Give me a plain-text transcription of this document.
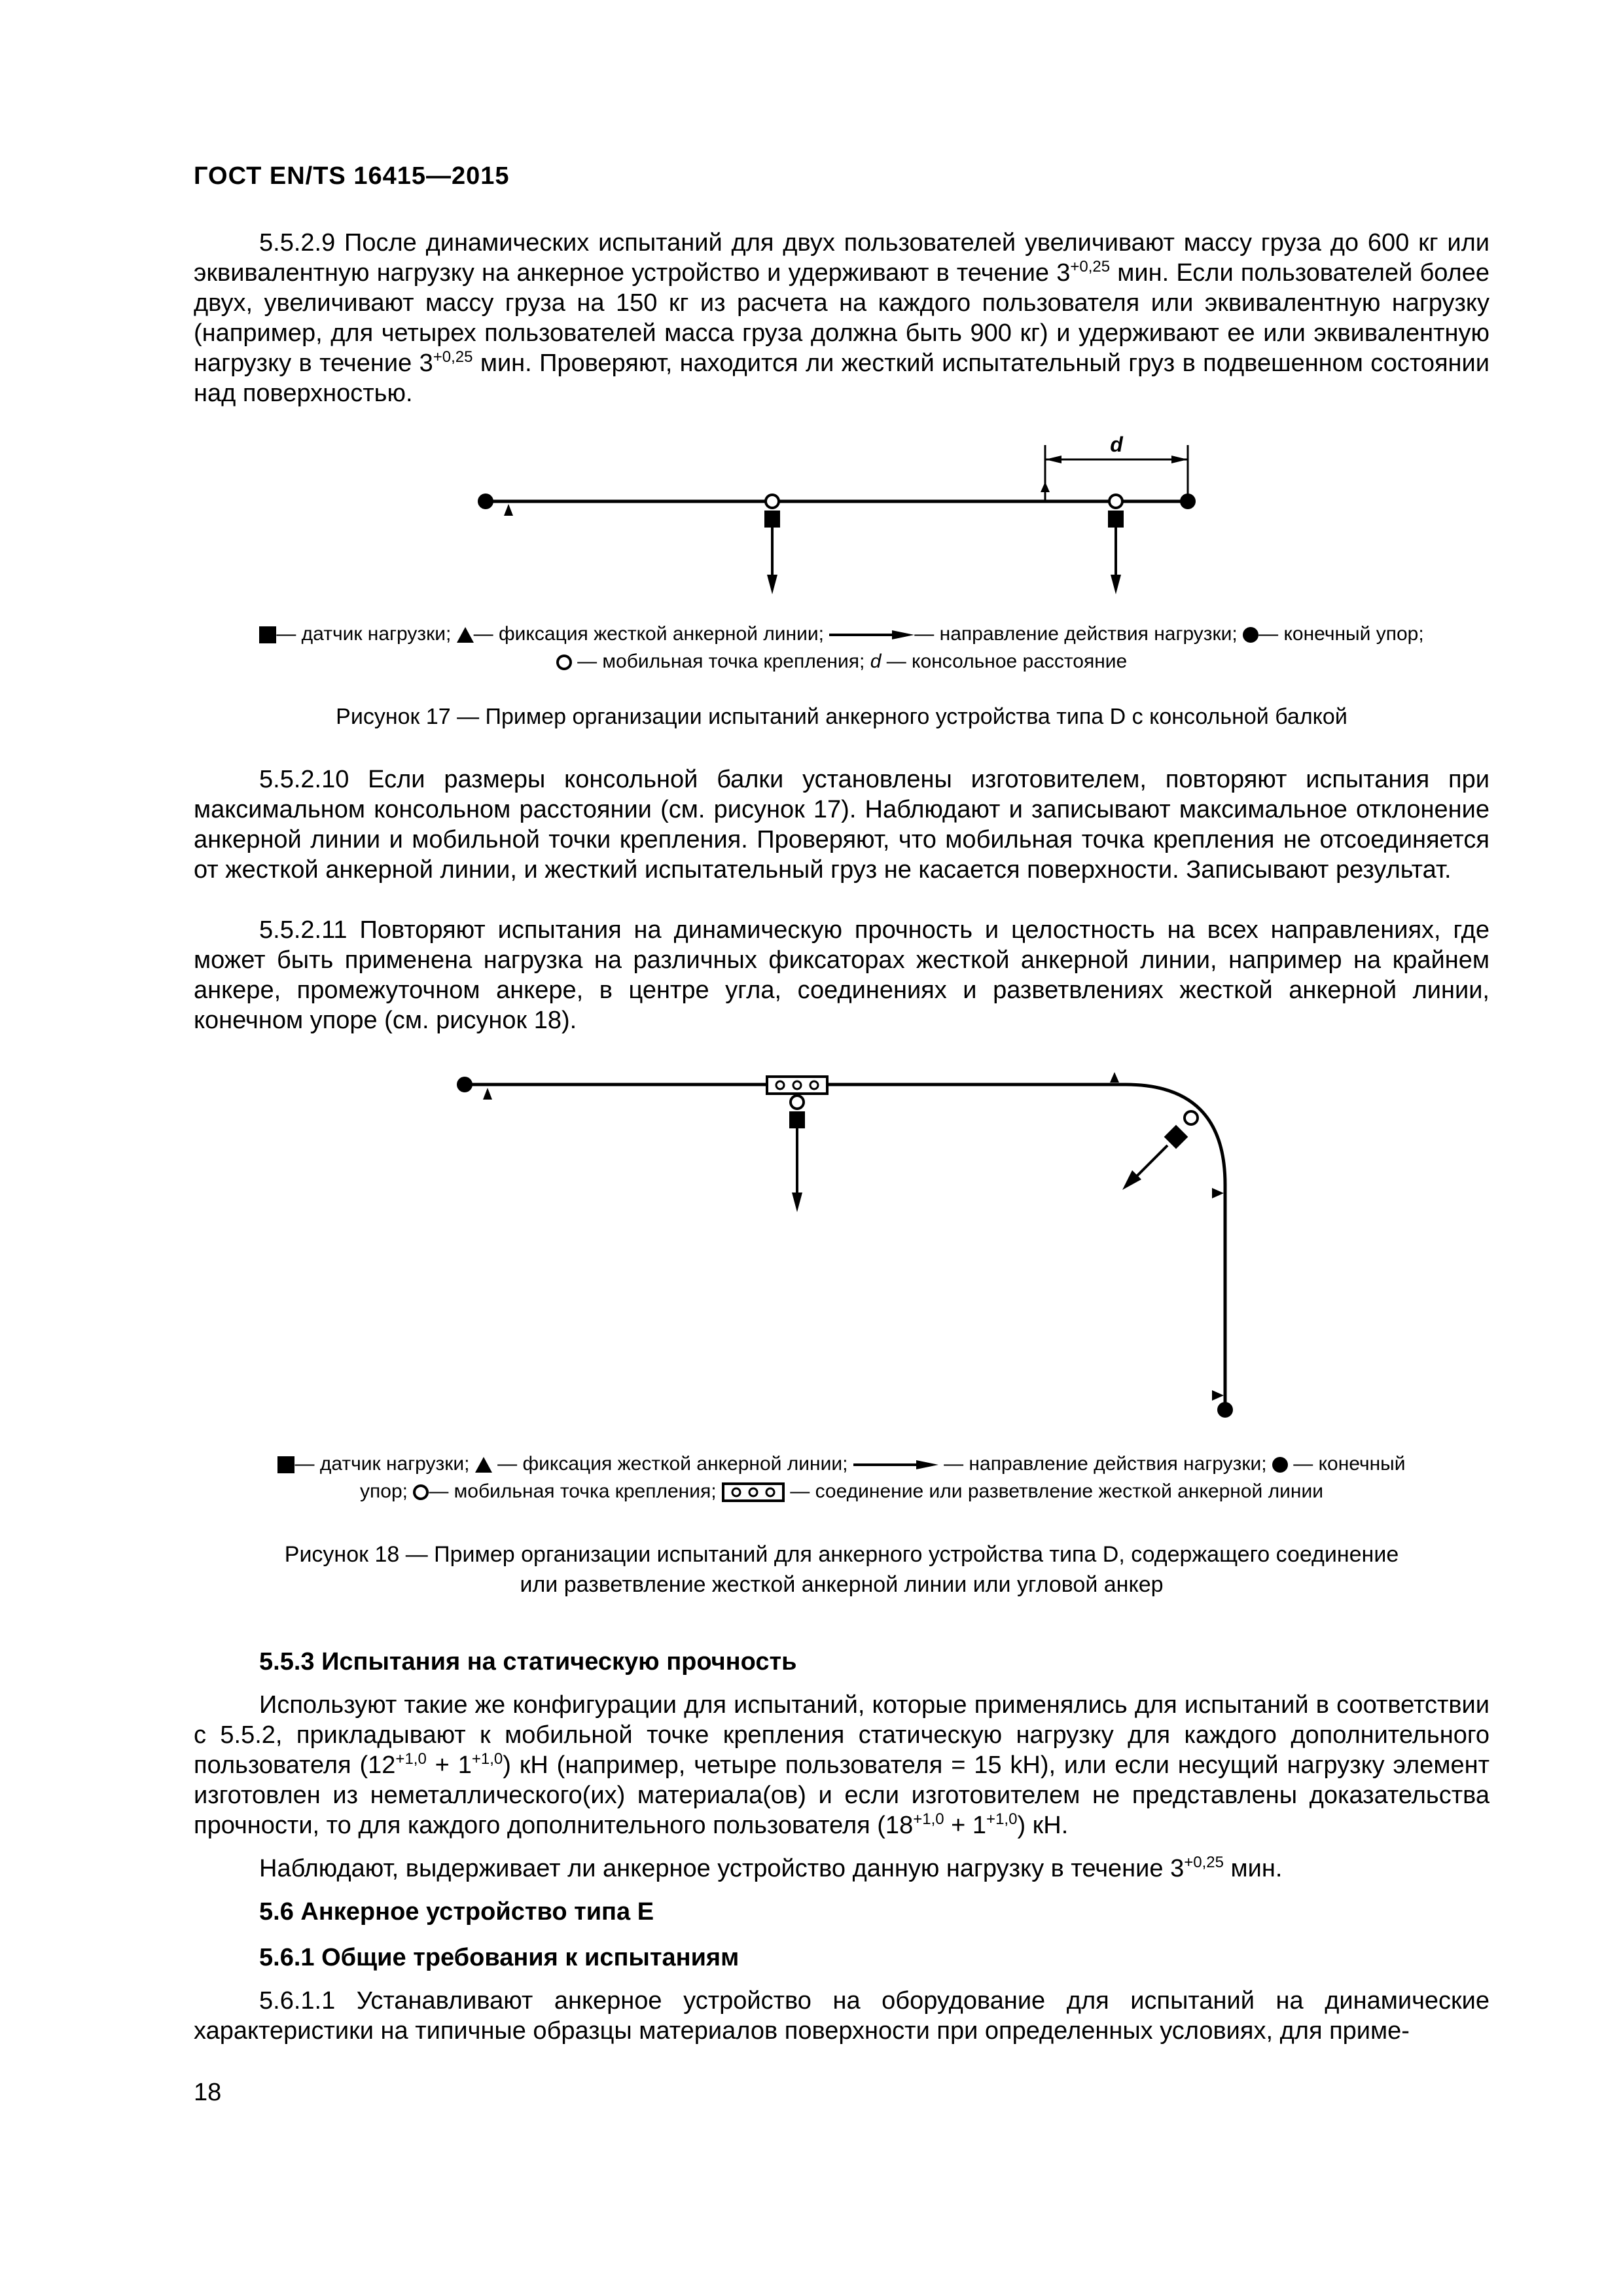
ГОСТ EN/TS 16415—2015
5.5.2.9 После динамических испытаний для двух пользователей увеличивают массу груза до 600 кг или эквивалентную нагрузку на анкерное устройство и удерживают в течение $3^{+0,25}$ мин. Если пользователей более двух, увеличивают массу груза на 150 кг из расчета на каждого пользователя или эквивалентную нагрузку (например, для четырех пользователей масса груза должна быть 900 кг) и удерживают ее или эквивалентную нагрузку в течение $3^{+0,25}$ мин. Проверяют, находится ли жесткий испытательный груз в подвешенном состоянии над поверхностью.
d
— датчик нагрузки; — фиксация жесткой анкерной линии;	— направление действия нагрузки; — конечный упор;
— мобильная точка крепления; d — консольное расстояние
Рисунок 17 — Пример организации испытаний анкерного устройства типа D с консольной балкой
5.5.2.10 Если размеры консольной балки установлены изготовителем, повторяют испытания при максимальном консольном расстоянии (см. рисунок 17). Наблюдают и записывают максимальное отклонение анкерной линии и мобильной точки крепления. Проверяют, что мобильная точка крепления не отсоединяется от жесткой анкерной линии, и жесткий испытательный груз не касается поверхности. Записывают результат.
5.5.2.11 Повторяют испытания на динамическую прочность и целостность на всех направлениях, где может быть применена нагрузка на различных фиксаторах жесткой анкерной линии, например на крайнем анкере, промежуточном анкере, в центре угла, соединениях и разветвлениях жесткой анкерной линии, конечном упоре (см. рисунок 18).
— датчик нагрузки;  — фиксация жесткой анкерной линии;	— направление действия нагрузки;  — конечный
упор; — мобильная точка крепления;	— соединение или разветвление жесткой анкерной линии
Рисунок 18 — Пример организации испытаний для анкерного устройства типа D, содержащего соединение
или разветвление жесткой анкерной линии или угловой анкер
5.5.3 Испытания на статическую прочность
Используют такие же конфигурации для испытаний, которые применялись для испытаний в соответствии с 5.5.2, прикладывают к мобильной точке крепления статическую нагрузку для каждого дополнительного пользователя $(12^{+1,0} + 1^{+1,0})$ кН (например, четыре пользователя = 15 kH), или если несущий нагрузку элемент изготовлен из неметаллического(их) материала(ов) и если изготовителем не представлены доказательства прочности, то для каждого дополнительного пользователя $(18^{+1,0} + 1^{+1,0})$ кН.
Наблюдают, выдерживает ли анкерное устройство данную нагрузку в течение $3^{+0,25}$ мин.
5.6 Анкерное устройство типа E
5.6.1 Общие требования к испытаниям
5.6.1.1 Устанавливают анкерное устройство на оборудование для испытаний на динамические характеристики на типичные образцы материалов поверхности при определенных условиях, для приме-
18
